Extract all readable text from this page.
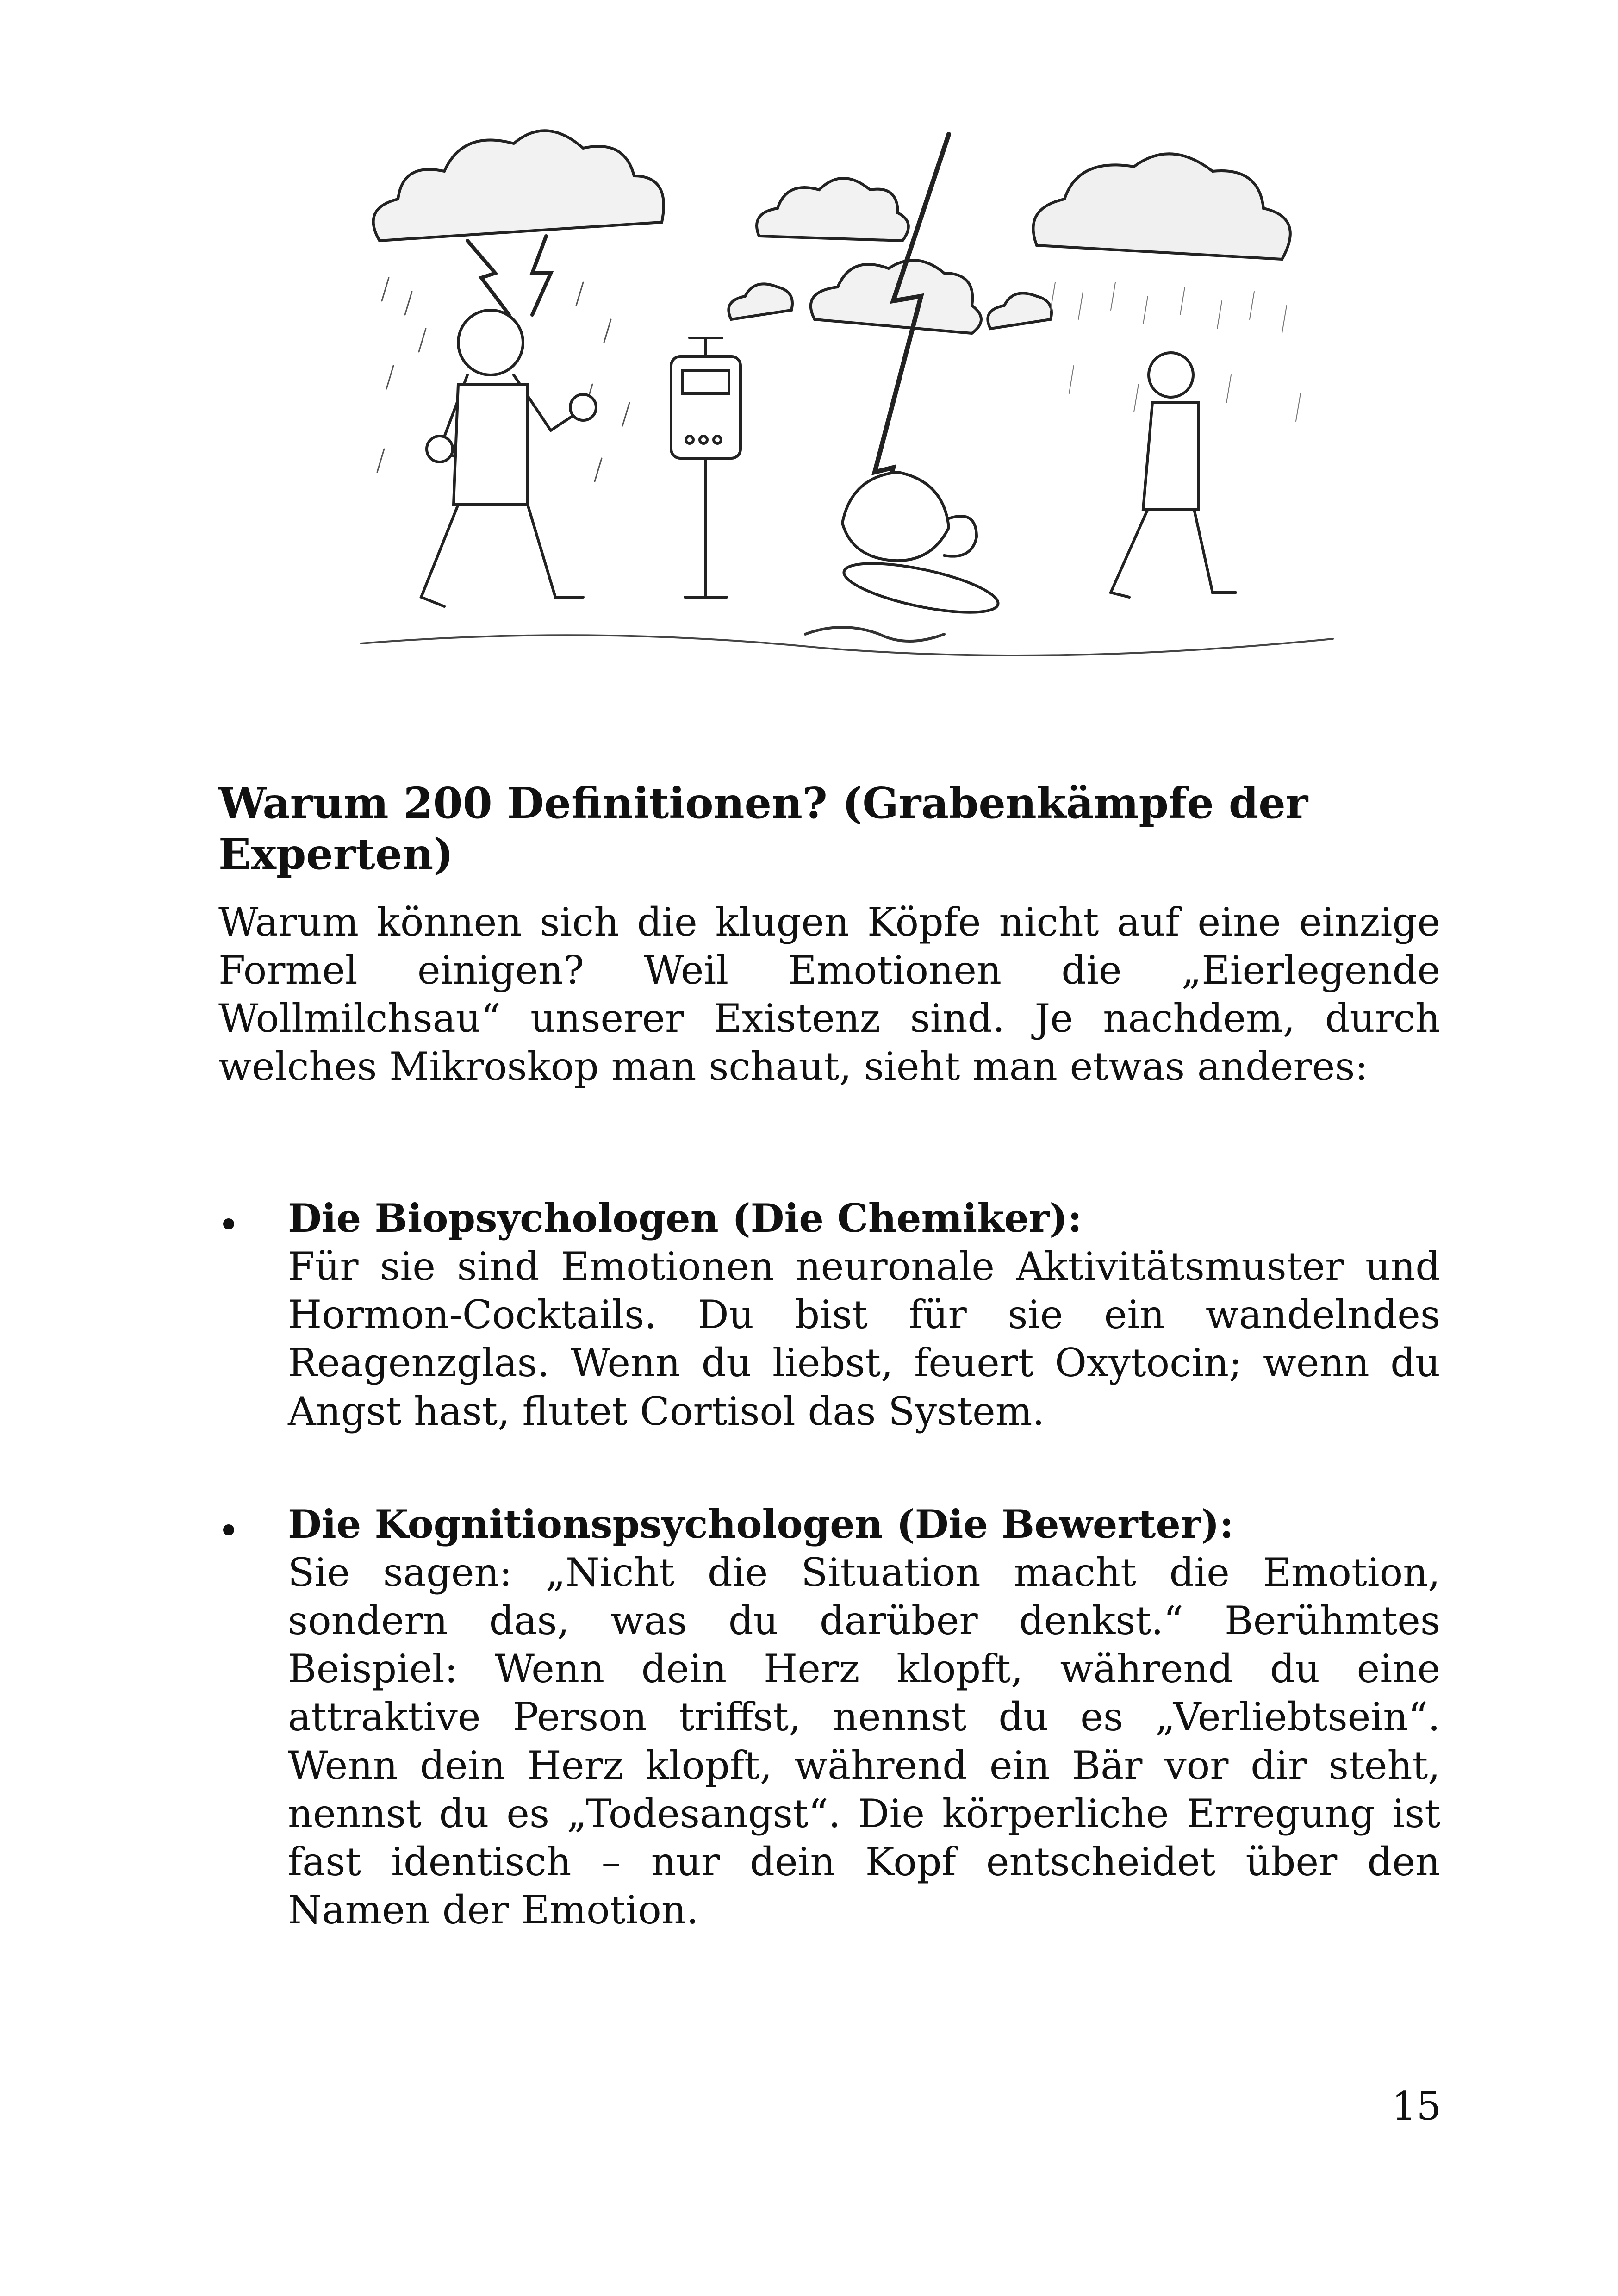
Warum 200 Definitionen? (Grabenkämpfe der Experten)

Warum können sich die klugen Köpfe nicht auf eine einzige Formel einigen? Weil Emotionen die „Eierlegende Wollmilchsau“ unserer Existenz sind. Je nachdem, durch welches Mikroskop man schaut, sieht man etwas anderes:

Die Biopsychologen (Die Chemiker):

Für sie sind Emotionen neuronale Aktivitätsmuster und Hormon-Cocktails. Du bist für sie ein wandelndes Reagenzglas. Wenn du liebst, feuert Oxytocin; wenn du Angst hast, flutet Cortisol das System.

Die Kognitionspsychologen (Die Bewerter):

Sie sagen: „Nicht die Situation macht die Emotion, sondern das, was du darüber denkst.“ Berühmtes Beispiel: Wenn dein Herz klopft, während du eine attraktive Person triffst, nennst du es „Verliebtsein“. Wenn dein Herz klopft, während ein Bär vor dir steht, nennst du es „Todesangst“. Die körperliche Erregung ist fast identisch – nur dein Kopf entscheidet über den Namen der Emotion.

15
